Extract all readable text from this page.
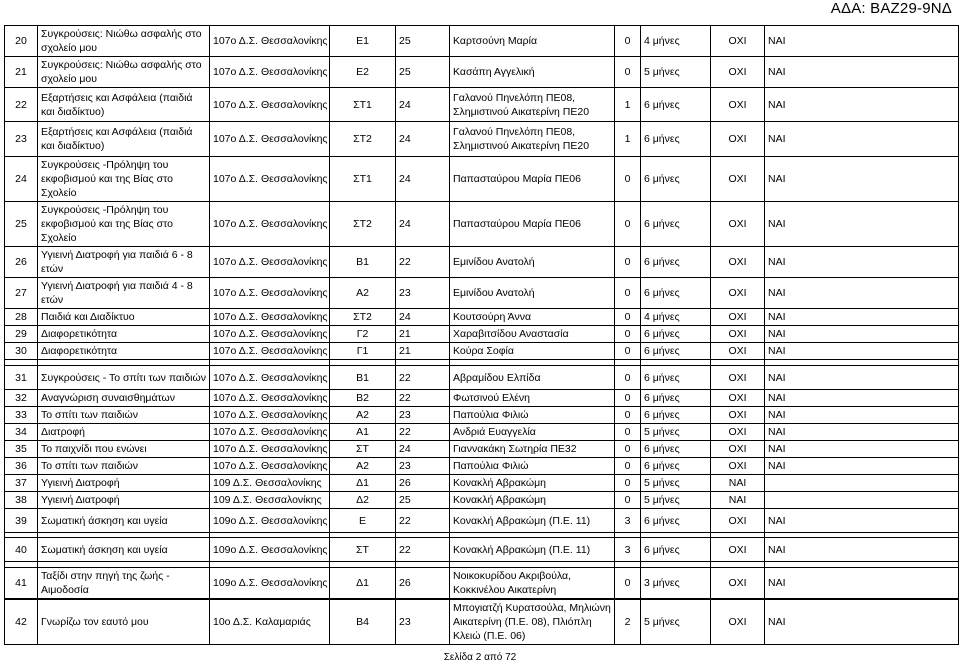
ΑΔΑ: ΒΑΖ29-9ΝΔ
20	Συγκρούσεις: Νιώθω ασφαλής στο σχολείο μου	107ο Δ.Σ. Θεσσαλονίκης	Ε1	25	Καρτσούνη Μαρία	0	4 μήνες	ΟΧΙ	ΝΑΙ
21	Συγκρούσεις: Νιώθω ασφαλής στο σχολείο μου	107ο Δ.Σ. Θεσσαλονίκης	Ε2	25	Κασάπη Αγγελική	0	5 μήνες	ΟΧΙ	ΝΑΙ
22	Εξαρτήσεις και Ασφάλεια (παιδιά και διαδίκτυο)	107ο Δ.Σ. Θεσσαλονίκης	ΣΤ1	24	Γαλανού Πηνελόπη ΠΕ08, Σλημιστινού Αικατερίνη ΠΕ20	1	6 μήνες	ΟΧΙ	ΝΑΙ
23	Εξαρτήσεις και Ασφάλεια (παιδιά και διαδίκτυο)	107ο Δ.Σ. Θεσσαλονίκης	ΣΤ2	24	Γαλανού Πηνελόπη ΠΕ08, Σλημιστινού Αικατερίνη ΠΕ20	1	6 μήνες	ΟΧΙ	ΝΑΙ
24	Συγκρούσεις -Πρόληψη του εκφοβισμού και της Βίας στο Σχολείο	107ο Δ.Σ. Θεσσαλονίκης	ΣΤ1	24	Παπασταύρου Μαρία ΠΕ06	0	6 μήνες	ΟΧΙ	ΝΑΙ
25	Συγκρούσεις -Πρόληψη του εκφοβισμού και της Βίας στο Σχολείο	107ο Δ.Σ. Θεσσαλονίκης	ΣΤ2	24	Παπασταύρου Μαρία ΠΕ06	0	6 μήνες	ΟΧΙ	ΝΑΙ
26	Υγιεινή Διατροφή για παιδιά 6 - 8 ετών	107ο Δ.Σ. Θεσσαλονίκης	Β1	22	Εμινίδου Ανατολή	0	6 μήνες	ΟΧΙ	ΝΑΙ
27	Υγιεινή Διατροφή για παιδιά 4 - 8 ετών	107ο Δ.Σ. Θεσσαλονίκης	Α2	23	Εμινίδου Ανατολή	0	6 μήνες	ΟΧΙ	ΝΑΙ
28	Παιδιά και Διαδίκτυο	107ο Δ.Σ. Θεσσαλονίκης	ΣΤ2	24	Κουτσούρη Άννα	0	4 μήνες	ΟΧΙ	ΝΑΙ
29	Διαφορετικότητα	107ο Δ.Σ. Θεσσαλονίκης	Γ2	21	Χαραβιτσίδου Αναστασία	0	6 μήνες	ΟΧΙ	ΝΑΙ
30	Διαφορετικότητα	107ο Δ.Σ. Θεσσαλονίκης	Γ1	21	Κούρα Σοφία	0	6 μήνες	ΟΧΙ	ΝΑΙ

31	Συγκρούσεις - Το σπίτι των παιδιών	107ο Δ.Σ. Θεσσαλονίκης	Β1	22	Αβραμίδου Ελπίδα	0	6 μήνες	ΟΧΙ	ΝΑΙ
32	Αναγνώριση συναισθημάτων	107ο Δ.Σ. Θεσσαλονίκης	Β2	22	Φωτσινού Ελένη	0	6 μήνες	ΟΧΙ	ΝΑΙ
33	Το σπίτι των παιδιών	107ο Δ.Σ. Θεσσαλονίκης	Α2	23	Παπούλια Φιλιώ	0	6 μήνες	ΟΧΙ	ΝΑΙ
34	Διατροφή	107ο Δ.Σ. Θεσσαλονίκης	Α1	22	Ανδριά Ευαγγελία	0	5 μήνες	ΟΧΙ	ΝΑΙ
35	Το παιχνίδι που ενώνει	107ο Δ.Σ. Θεσσαλονίκης	ΣΤ	24	Γιαννακάκη Σωτηρία ΠΕ32	0	6 μήνες	ΟΧΙ	ΝΑΙ
36	Το σπίτι των παιδιών	107ο Δ.Σ. Θεσσαλονίκης	Α2	23	Παπούλια Φιλιώ	0	6 μήνες	ΟΧΙ	ΝΑΙ
37	Υγιεινή Διατροφή	109 Δ.Σ. Θεσσαλονίκης	Δ1	26	Κονακλή Αβρακώμη	0	5 μήνες	ΝΑΙ	
38	Υγιεινή Διατροφή	109 Δ.Σ. Θεσσαλονίκης	Δ2	25	Κονακλή Αβρακώμη	0	5 μήνες	ΝΑΙ	
39	Σωματική άσκηση και υγεία	109ο Δ.Σ. Θεσσαλονίκης	Ε	22	Κονακλή Αβρακώμη (Π.Ε. 11)	3	6 μήνες	ΟΧΙ	ΝΑΙ

40	Σωματική άσκηση και υγεία	109ο Δ.Σ. Θεσσαλονίκης	ΣΤ	22	Κονακλή Αβρακώμη (Π.Ε. 11)	3	6 μήνες	ΟΧΙ	ΝΑΙ

41	Ταξίδι στην πηγή της ζωής - Αιμοδοσία	109ο Δ.Σ. Θεσσαλονίκης	Δ1	26	Νοικοκυρίδου Ακριβούλα, Κοκκινέλου Αικατερίνη	0	3 μήνες	ΟΧΙ	ΝΑΙ

42	Γνωρίζω τον εαυτό μου	10ο Δ.Σ. Καλαμαριάς	Β4	23	Μπογιατζή Κυρατσούλα, Μηλιώνη Αικατερίνη (Π.Ε. 08), Πλιόπλη Κλειώ (Π.Ε. 06)	2	5 μήνες	ΟΧΙ	ΝΑΙ
Σελίδα 2 από 72
